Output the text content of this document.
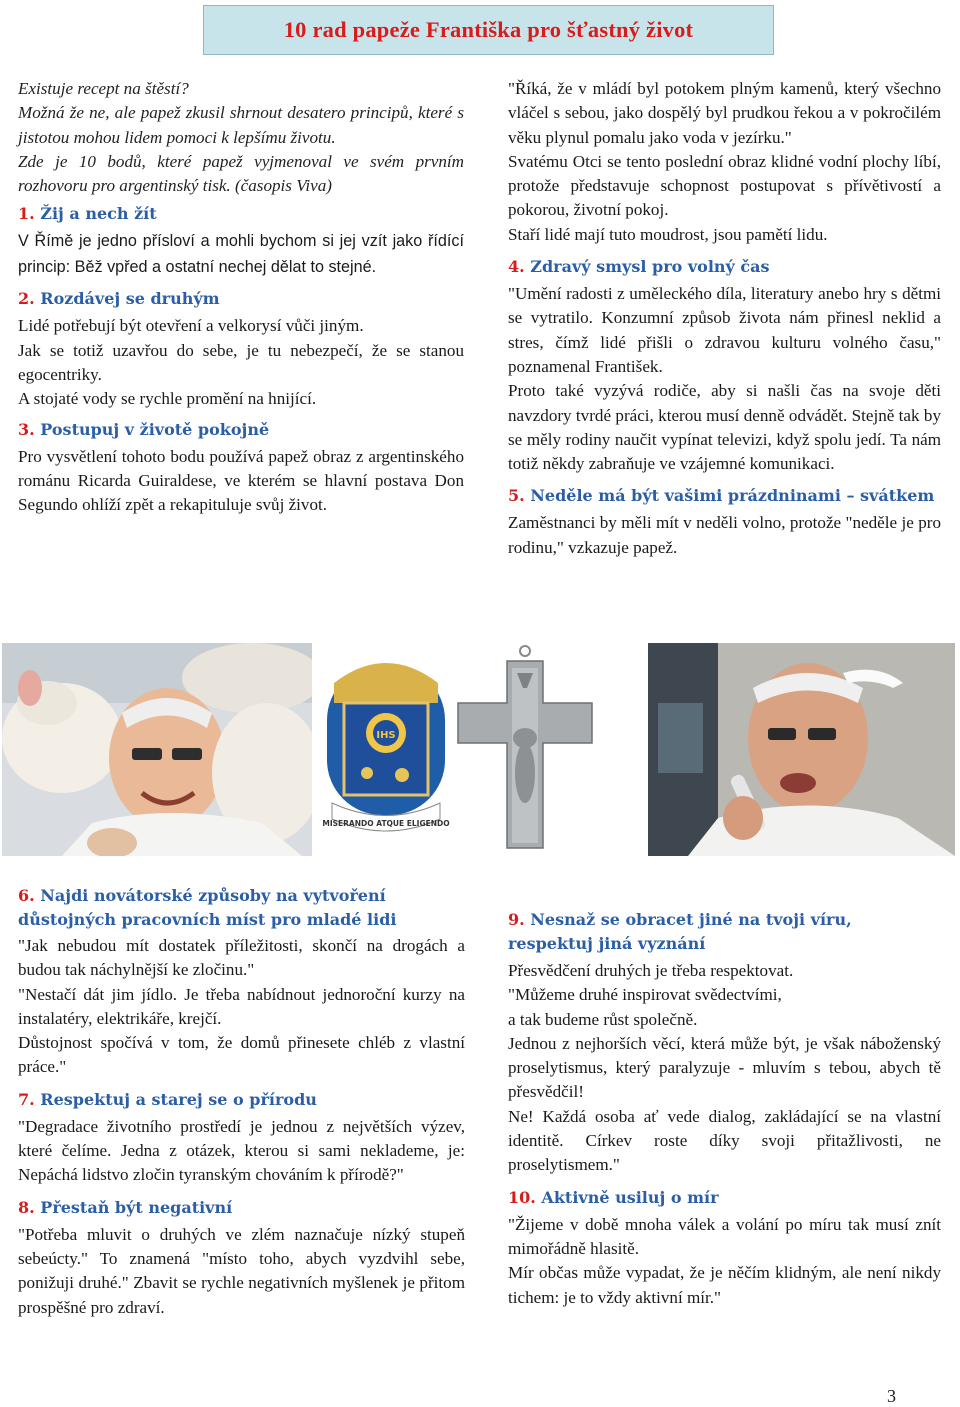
10 rad papeže Františka pro šťastný život

Existuje recept na štěstí?

Možná že ne, ale papež zkusil shrnout desatero principů, které s jistotou mohou lidem pomoci k lepšímu životu.

Zde je 10 bodů, které papež vyjmenoval ve svém prvním rozhovoru pro argentinský tisk. (časopis Viva)

1. Žij a nech žít

V Římě je jedno přísloví a mohli bychom si jej vzít jako řídící princip: Běž vpřed a ostatní nechej dělat to stejné.

2. Rozdávej se druhým

Lidé potřebují být otevření a velkorysí vůči jiným.

Jak se totiž uzavřou do sebe, je tu nebezpečí, že se stanou egocentriky.

A stojaté vody se rychle promění na hnijící.

3. Postupuj v životě pokojně

Pro vysvětlení tohoto bodu používá papež obraz z argentinského románu Ricarda Guiraldese, ve kterém se hlavní postava Don Segundo ohlíží zpět a rekapituluje svůj život.

"Říká, že v mládí byl potokem plným kamenů, který všechno vláčel s sebou, jako dospělý byl prudkou řekou a v pokročilém věku plynul pomalu jako voda v jezírku."

Svatému Otci se tento poslední obraz klidné vodní plochy líbí, protože představuje schopnost postupovat s přívětivostí a pokorou, životní pokoj.

Staří lidé mají tuto moudrost, jsou pamětí lidu.

4. Zdravý smysl pro volný čas

"Umění radosti z uměleckého díla, literatury anebo hry s dětmi se vytratilo. Konzumní způsob života nám přinesl neklid a stres, čímž lidé přišli o zdravou kulturu volného času," poznamenal František.

Proto také vyzývá rodiče, aby si našli čas na svoje děti navzdory tvrdé práci, kterou musí denně odvádět. Stejně tak by se měly rodiny naučit vypínat televizi, když spolu jedí. Ta nám totiž někdy zabraňuje ve vzájemné komunikaci.

5. Neděle má být vašimi prázdninami – svátkem

Zaměstnanci by měli mít v neděli volno, protože "neděle je pro rodinu," vzkazuje papež.

IHS
MISERANDO ATQUE ELIGENDO

6. Najdi novátorské způsoby na vytvoření důstojných pracovních míst pro mladé lidi

"Jak nebudou mít dostatek příležitosti, skončí na drogách a budou tak náchylnější ke zločinu."

"Nestačí dát jim jídlo. Je třeba nabídnout jednoroční kurzy na instalatéry, elektrikáře, krejčí.

Důstojnost spočívá v tom, že domů přinesete chléb z vlastní práce."

7. Respektuj a starej se o přírodu

"Degradace životního prostředí je jednou z největších výzev, které čelíme. Jedna z otázek, kterou si sami neklademe, je: Nepáchá lidstvo zločin tyranským chováním k přírodě?"

8. Přestaň být negativní

"Potřeba mluvit o druhých ve zlém naznačuje nízký stupeň sebeúcty." To znamená "místo toho, abych vyzdvihl sebe, ponižuji druhé." Zbavit se rychle negativních myšlenek je přitom prospěšné pro zdraví.

9. Nesnaž se obracet jiné na tvoji víru, respektuj jiná vyznání

Přesvědčení druhých je třeba respektovat.

"Můžeme druhé inspirovat svědectvími,

a tak budeme růst společně.

Jednou z nejhorších věcí, která může být, je však náboženský proselytismus, který paralyzuje - mluvím s tebou, abych tě přesvědčil!

Ne! Každá osoba ať vede dialog, zakládající se na vlastní identitě. Církev roste díky svoji přitažlivosti, ne proselytismem."

10. Aktivně usiluj o mír

"Žijeme v době mnoha válek a volání po míru tak musí znít mimořádně hlasitě.

Mír občas může vypadat, že je něčím klidným, ale není nikdy tichem: je to vždy aktivní mír."

3
